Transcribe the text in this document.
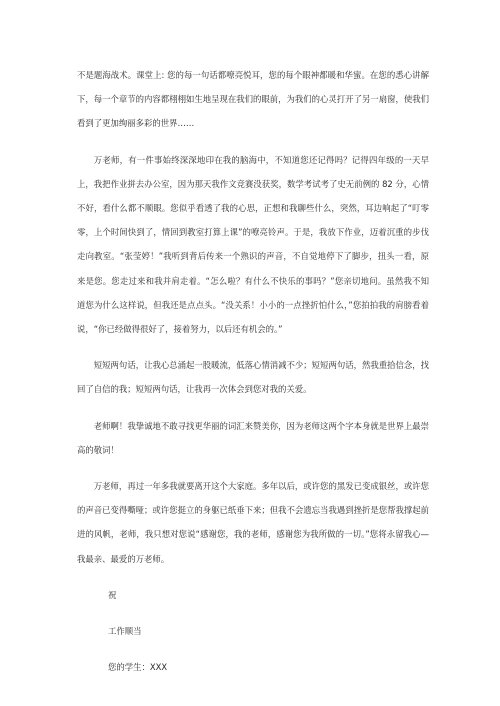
不是题海战术。课堂上: 您的每一句话都嘹亮悦耳，您的每个眼神都暖和华蜜。在您的悉心讲解下，每一个章节的内容都栩栩如生地呈现在我们的眼前，为我们的心灵打开了另一扇窗，使我们看到了更加绚丽多彩的世界……

万老师，有一件事始终深深地印在我的脑海中，不知道您还记得吗？记得四年级的一天早上，我把作业拼去办公室，因为那天我作文竞赛没获奖，数学考试考了史无前例的 82 分，心情不好，看什么都不顺眼。您似乎看透了我的心思，正想和我聊些什么，突然，耳边响起了“叮零零，上个时间快到了，情回到教室打算上课”的嘹亮铃声。于是，我放下作业，迈着沉重的步伐走向教室。“张莹婷！”我听到背后传来一个熟识的声音，不自觉地停下了脚步，扭头一看，原来是您。您走过来和我并肩走着。“怎么啦？有什么不快乐的事吗？”您亲切地问。虽然我不知道您为什么这样说，但我还是点点头。“没关系！小小的一点挫折怕什么，”您拍拍我的肩膀看着说，“你已经做得很好了，接着努力，以后还有机会的。”

短短两句话，让我心总涌起一股暖流，低落心情消减不少；短短两句话，然我重拾信念，找回了自信的我；短短两句话，让我再一次体会到您对我的关爱。

老师啊！我挚诚地不敢寻找更华丽的词汇来赞美你，因为老师这两个字本身就是世界上最崇高的敬词！

万老师，再过一年多我就要离开这个大家庭。多年以后，或许您的黑发已变成银丝，或许您的声音已变得嘶哑；或许您挺立的身躯已纸垂下来；但我不会遗忘当我遇到挫折是您帮我撑起前进的风帆，老师，我只想对您说“感谢您，我的老师，感谢您为我所做的一切。”您将永留我心—我最亲、最爱的万老师。

祝

工作顺当

您的学生：XXX
